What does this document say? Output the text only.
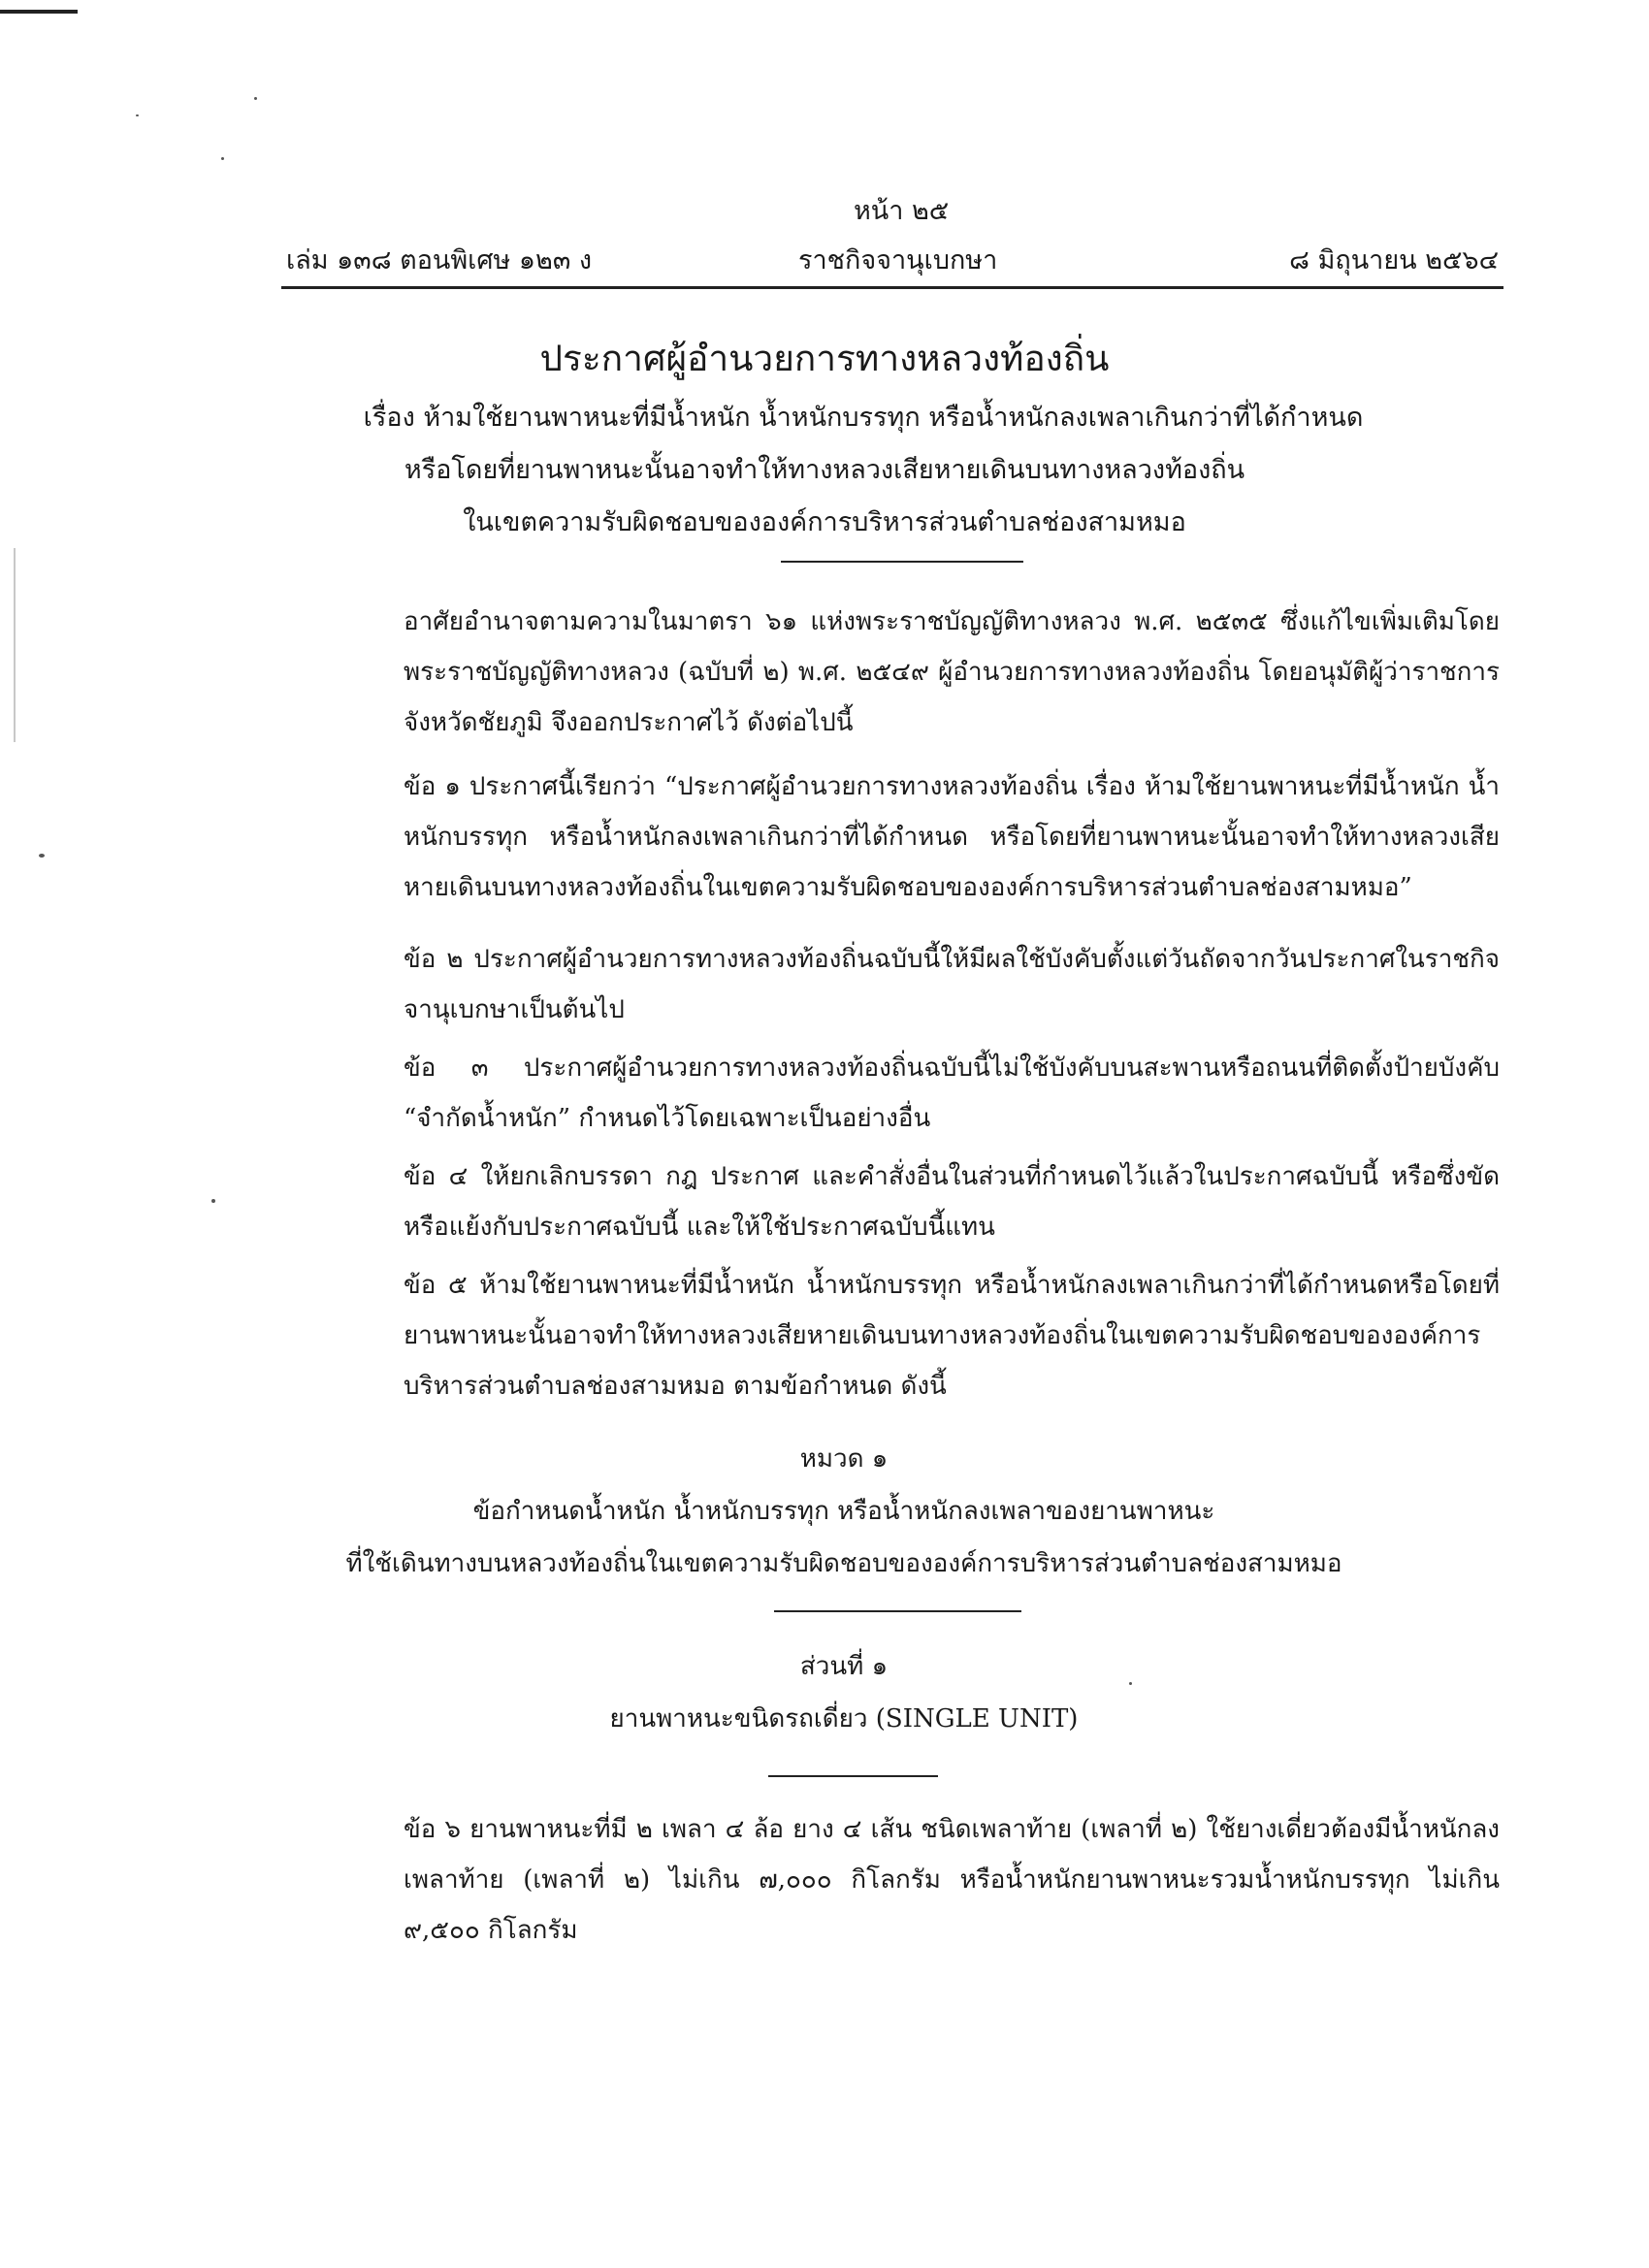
หน้า ๒๕
เล่ม ๑๓๘ ตอนพิเศษ ๑๒๓ ง	ราชกิจจานุเบกษา	๘ มิถุนายน ๒๕๖๔
ประกาศผู้อำนวยการทางหลวงท้องถิ่น
เรื่อง ห้ามใช้ยานพาหนะที่มีน้ำหนัก น้ำหนักบรรทุก หรือน้ำหนักลงเพลาเกินกว่าที่ได้กำหนด
หรือโดยที่ยานพาหนะนั้นอาจทำให้ทางหลวงเสียหายเดินบนทางหลวงท้องถิ่น
ในเขตความรับผิดชอบขององค์การบริหารส่วนตำบลช่องสามหมอ

อาศัยอำนาจตามความในมาตรา ๖๑ แห่งพระราชบัญญัติทางหลวง พ.ศ. ๒๕๓๕ ซึ่งแก้ไขเพิ่มเติมโดยพระราชบัญญัติทางหลวง (ฉบับที่ ๒) พ.ศ. ๒๕๔๙ ผู้อำนวยการทางหลวงท้องถิ่น โดยอนุมัติผู้ว่าราชการจังหวัดชัยภูมิ จึงออกประกาศไว้ ดังต่อไปนี้

ข้อ ๑ ประกาศนี้เรียกว่า “ประกาศผู้อำนวยการทางหลวงท้องถิ่น เรื่อง ห้ามใช้ยานพาหนะที่มีน้ำหนัก น้ำหนักบรรทุก หรือน้ำหนักลงเพลาเกินกว่าที่ได้กำหนด หรือโดยที่ยานพาหนะนั้นอาจทำให้ทางหลวงเสียหายเดินบนทางหลวงท้องถิ่นในเขตความรับผิดชอบขององค์การบริหารส่วนตำบลช่องสามหมอ”

ข้อ ๒ ประกาศผู้อำนวยการทางหลวงท้องถิ่นฉบับนี้ให้มีผลใช้บังคับตั้งแต่วันถัดจากวันประกาศในราชกิจจานุเบกษาเป็นต้นไป

ข้อ ๓ ประกาศผู้อำนวยการทางหลวงท้องถิ่นฉบับนี้ไม่ใช้บังคับบนสะพานหรือถนนที่ติดตั้งป้ายบังคับ “จำกัดน้ำหนัก” กำหนดไว้โดยเฉพาะเป็นอย่างอื่น

ข้อ ๔ ให้ยกเลิกบรรดา กฎ ประกาศ และคำสั่งอื่นในส่วนที่กำหนดไว้แล้วในประกาศฉบับนี้ หรือซึ่งขัดหรือแย้งกับประกาศฉบับนี้ และให้ใช้ประกาศฉบับนี้แทน

ข้อ ๕ ห้ามใช้ยานพาหนะที่มีน้ำหนัก น้ำหนักบรรทุก หรือน้ำหนักลงเพลาเกินกว่าที่ได้กำหนดหรือโดยที่ยานพาหนะนั้นอาจทำให้ทางหลวงเสียหายเดินบนทางหลวงท้องถิ่นในเขตความรับผิดชอบขององค์การบริหารส่วนตำบลช่องสามหมอ ตามข้อกำหนด ดังนี้

หมวด ๑
ข้อกำหนดน้ำหนัก น้ำหนักบรรทุก หรือน้ำหนักลงเพลาของยานพาหนะ
ที่ใช้เดินทางบนหลวงท้องถิ่นในเขตความรับผิดชอบขององค์การบริหารส่วนตำบลช่องสามหมอ
ส่วนที่ ๑
ยานพาหนะขนิดรถเดี่ยว (SINGLE UNIT)

ข้อ ๖ ยานพาหนะที่มี ๒ เพลา ๔ ล้อ ยาง ๔ เส้น ชนิดเพลาท้าย (เพลาที่ ๒) ใช้ยางเดี่ยวต้องมีน้ำหนักลงเพลาท้าย (เพลาที่ ๒) ไม่เกิน ๗,๐๐๐ กิโลกรัม หรือน้ำหนักยานพาหนะรวมน้ำหนักบรรทุก ไม่เกิน ๙,๕๐๐ กิโลกรัม
